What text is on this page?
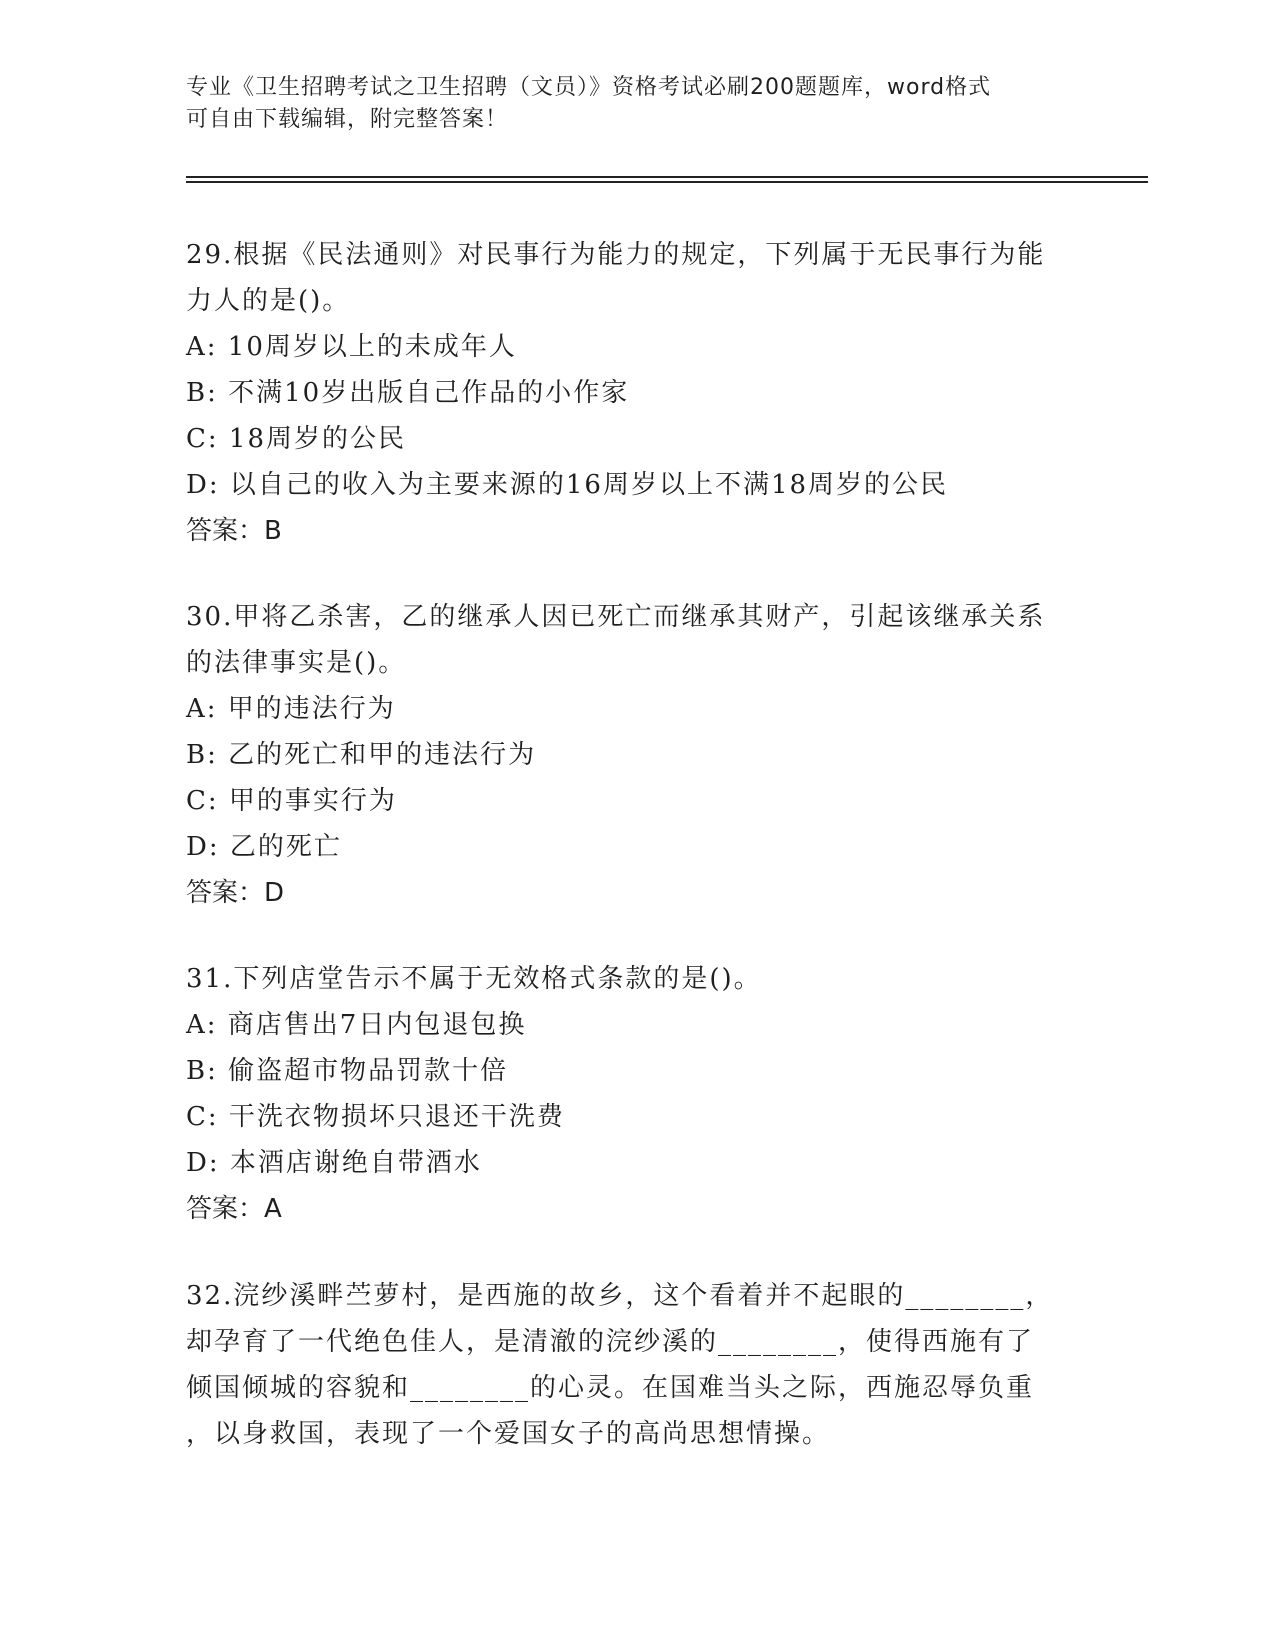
专业《卫生招聘考试之卫生招聘（文员）》资格考试必刷200题题库，word格式
可自由下载编辑，附完整答案！

29.根据《民法通则》对民事行为能力的规定，下列属于无民事行为能

力人的是()。

A: 10周岁以上的未成年人

B: 不满10岁出版自己作品的小作家

C: 18周岁的公民

D: 以自己的收入为主要来源的16周岁以上不满18周岁的公民

答案：B

30.甲将乙杀害，乙的继承人因已死亡而继承其财产，引起该继承关系

的法律事实是()。

A: 甲的违法行为

B: 乙的死亡和甲的违法行为

C: 甲的事实行为

D: 乙的死亡

答案：D

31.下列店堂告示不属于无效格式条款的是()。

A: 商店售出7日内包退包换

B: 偷盗超市物品罚款十倍

C: 干洗衣物损坏只退还干洗费

D: 本酒店谢绝自带酒水

答案：A

32.浣纱溪畔苎萝村，是西施的故乡，这个看着并不起眼的________，

却孕育了一代绝色佳人，是清澈的浣纱溪的________，使得西施有了

倾国倾城的容貌和________的心灵。在国难当头之际，西施忍辱负重

，以身救国，表现了一个爱国女子的高尚思想情操。
